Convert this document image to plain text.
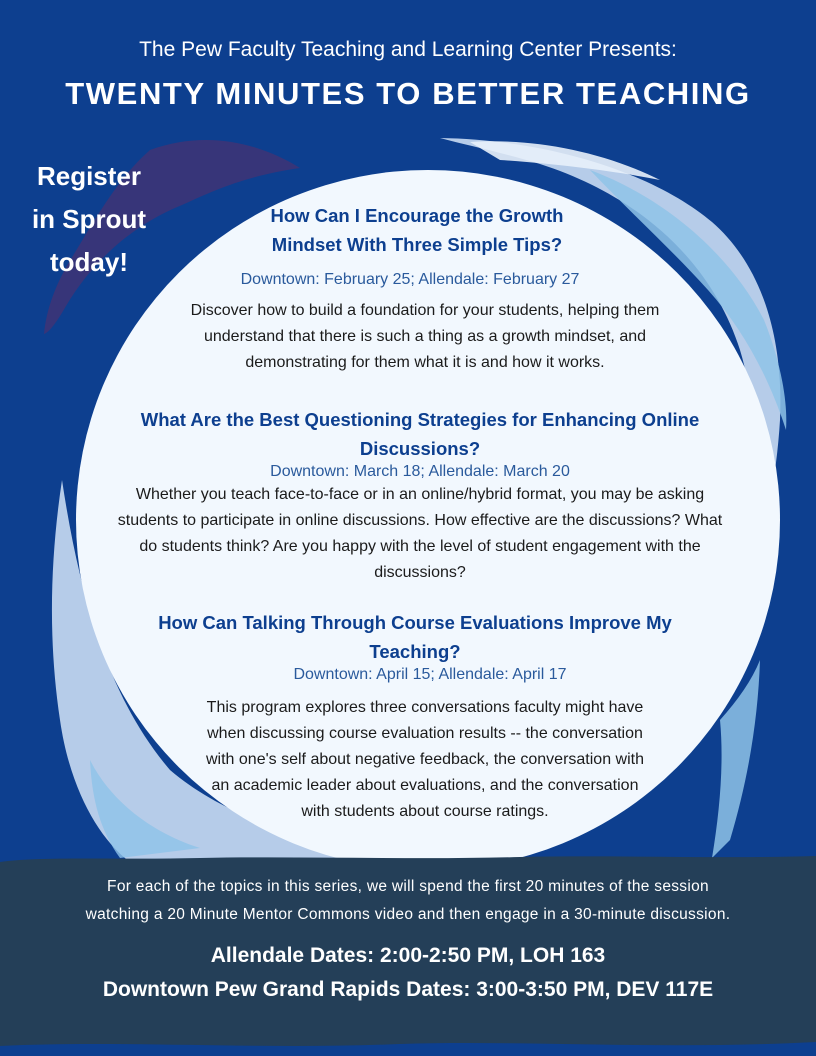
The Pew Faculty Teaching and Learning Center Presents:
TWENTY MINUTES TO BETTER TEACHING
Register
in Sprout
today!
How Can I Encourage the Growth
Mindset With Three Simple Tips?
Downtown: February 25; Allendale: February 27
Discover how to build a foundation for your students, helping them
understand that there is such a thing as a growth mindset, and
demonstrating for them what it is and how it works.
What Are the Best Questioning Strategies for Enhancing Online
Discussions?
Downtown: March 18; Allendale: March 20
Whether you teach face-to-face or in an online/hybrid format, you may be asking
students to participate in online discussions. How effective are the discussions? What
do students think? Are you happy with the level of student engagement with the
discussions?
How Can Talking Through Course Evaluations Improve My
Teaching?
Downtown: April 15; Allendale: April 17
This program explores three conversations faculty might have
when discussing course evaluation results -- the conversation
with one's self about negative feedback, the conversation with
an academic leader about evaluations, and the conversation
with students about course ratings.
For each of the topics in this series, we will spend the first 20 minutes of the session
watching a 20 Minute Mentor Commons video and then engage in a 30-minute discussion.
Allendale Dates: 2:00-2:50 PM, LOH 163
Downtown Pew Grand Rapids Dates: 3:00-3:50 PM, DEV 117E
